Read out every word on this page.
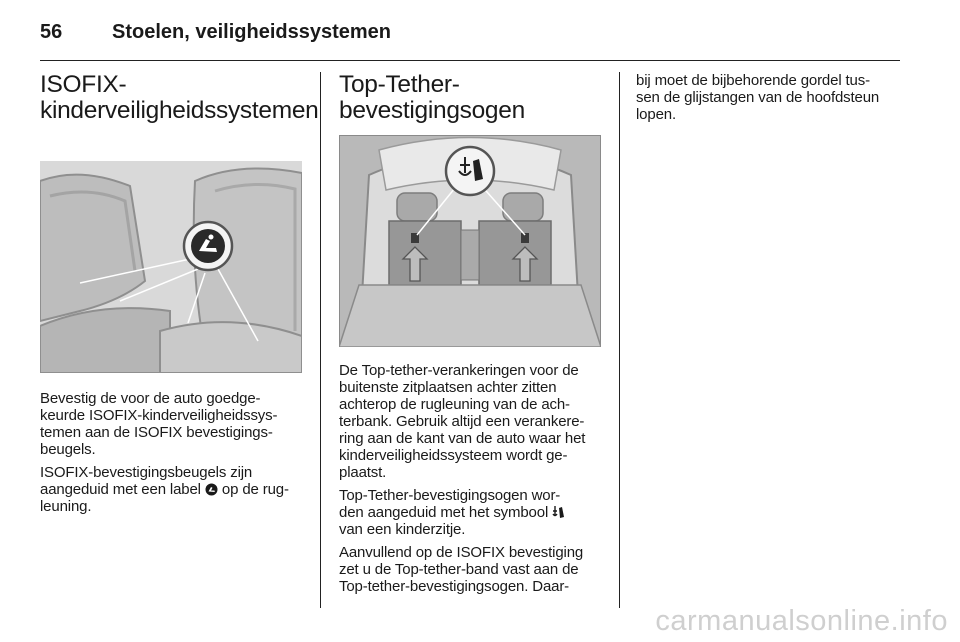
56 Stoelen, veiligheidssystemen
ISOFIX-
kinderveiligheidssystemen

Bevestig de voor de auto goedge-
keurde ISOFIX-kinderveiligheidssys-
temen aan de ISOFIX bevestigings-
beugels.

ISOFIX-bevestigingsbeugels zijn
aangeduid met een label op de rug-
leuning.

Top-Tether-
bevestigingsogen

De Top-tether-verankeringen voor de
buitenste zitplaatsen achter zitten
achterop de rugleuning van de ach-
terbank. Gebruik altijd een verankere-
ring aan de kant van de auto waar het
kinderveiligheidssysteem wordt ge-
plaatst.

Top-Tether-bevestigingsogen wor-
den aangeduid met het symbool
van een kinderzitje.

Aanvullend op de ISOFIX bevestiging
zet u de Top-tether-band vast aan de
Top-tether-bevestigingsogen. Daar-

bij moet de bijbehorende gordel tus-
sen de glijstangen van de hoofdsteun
lopen.

carmanualsonline.info
